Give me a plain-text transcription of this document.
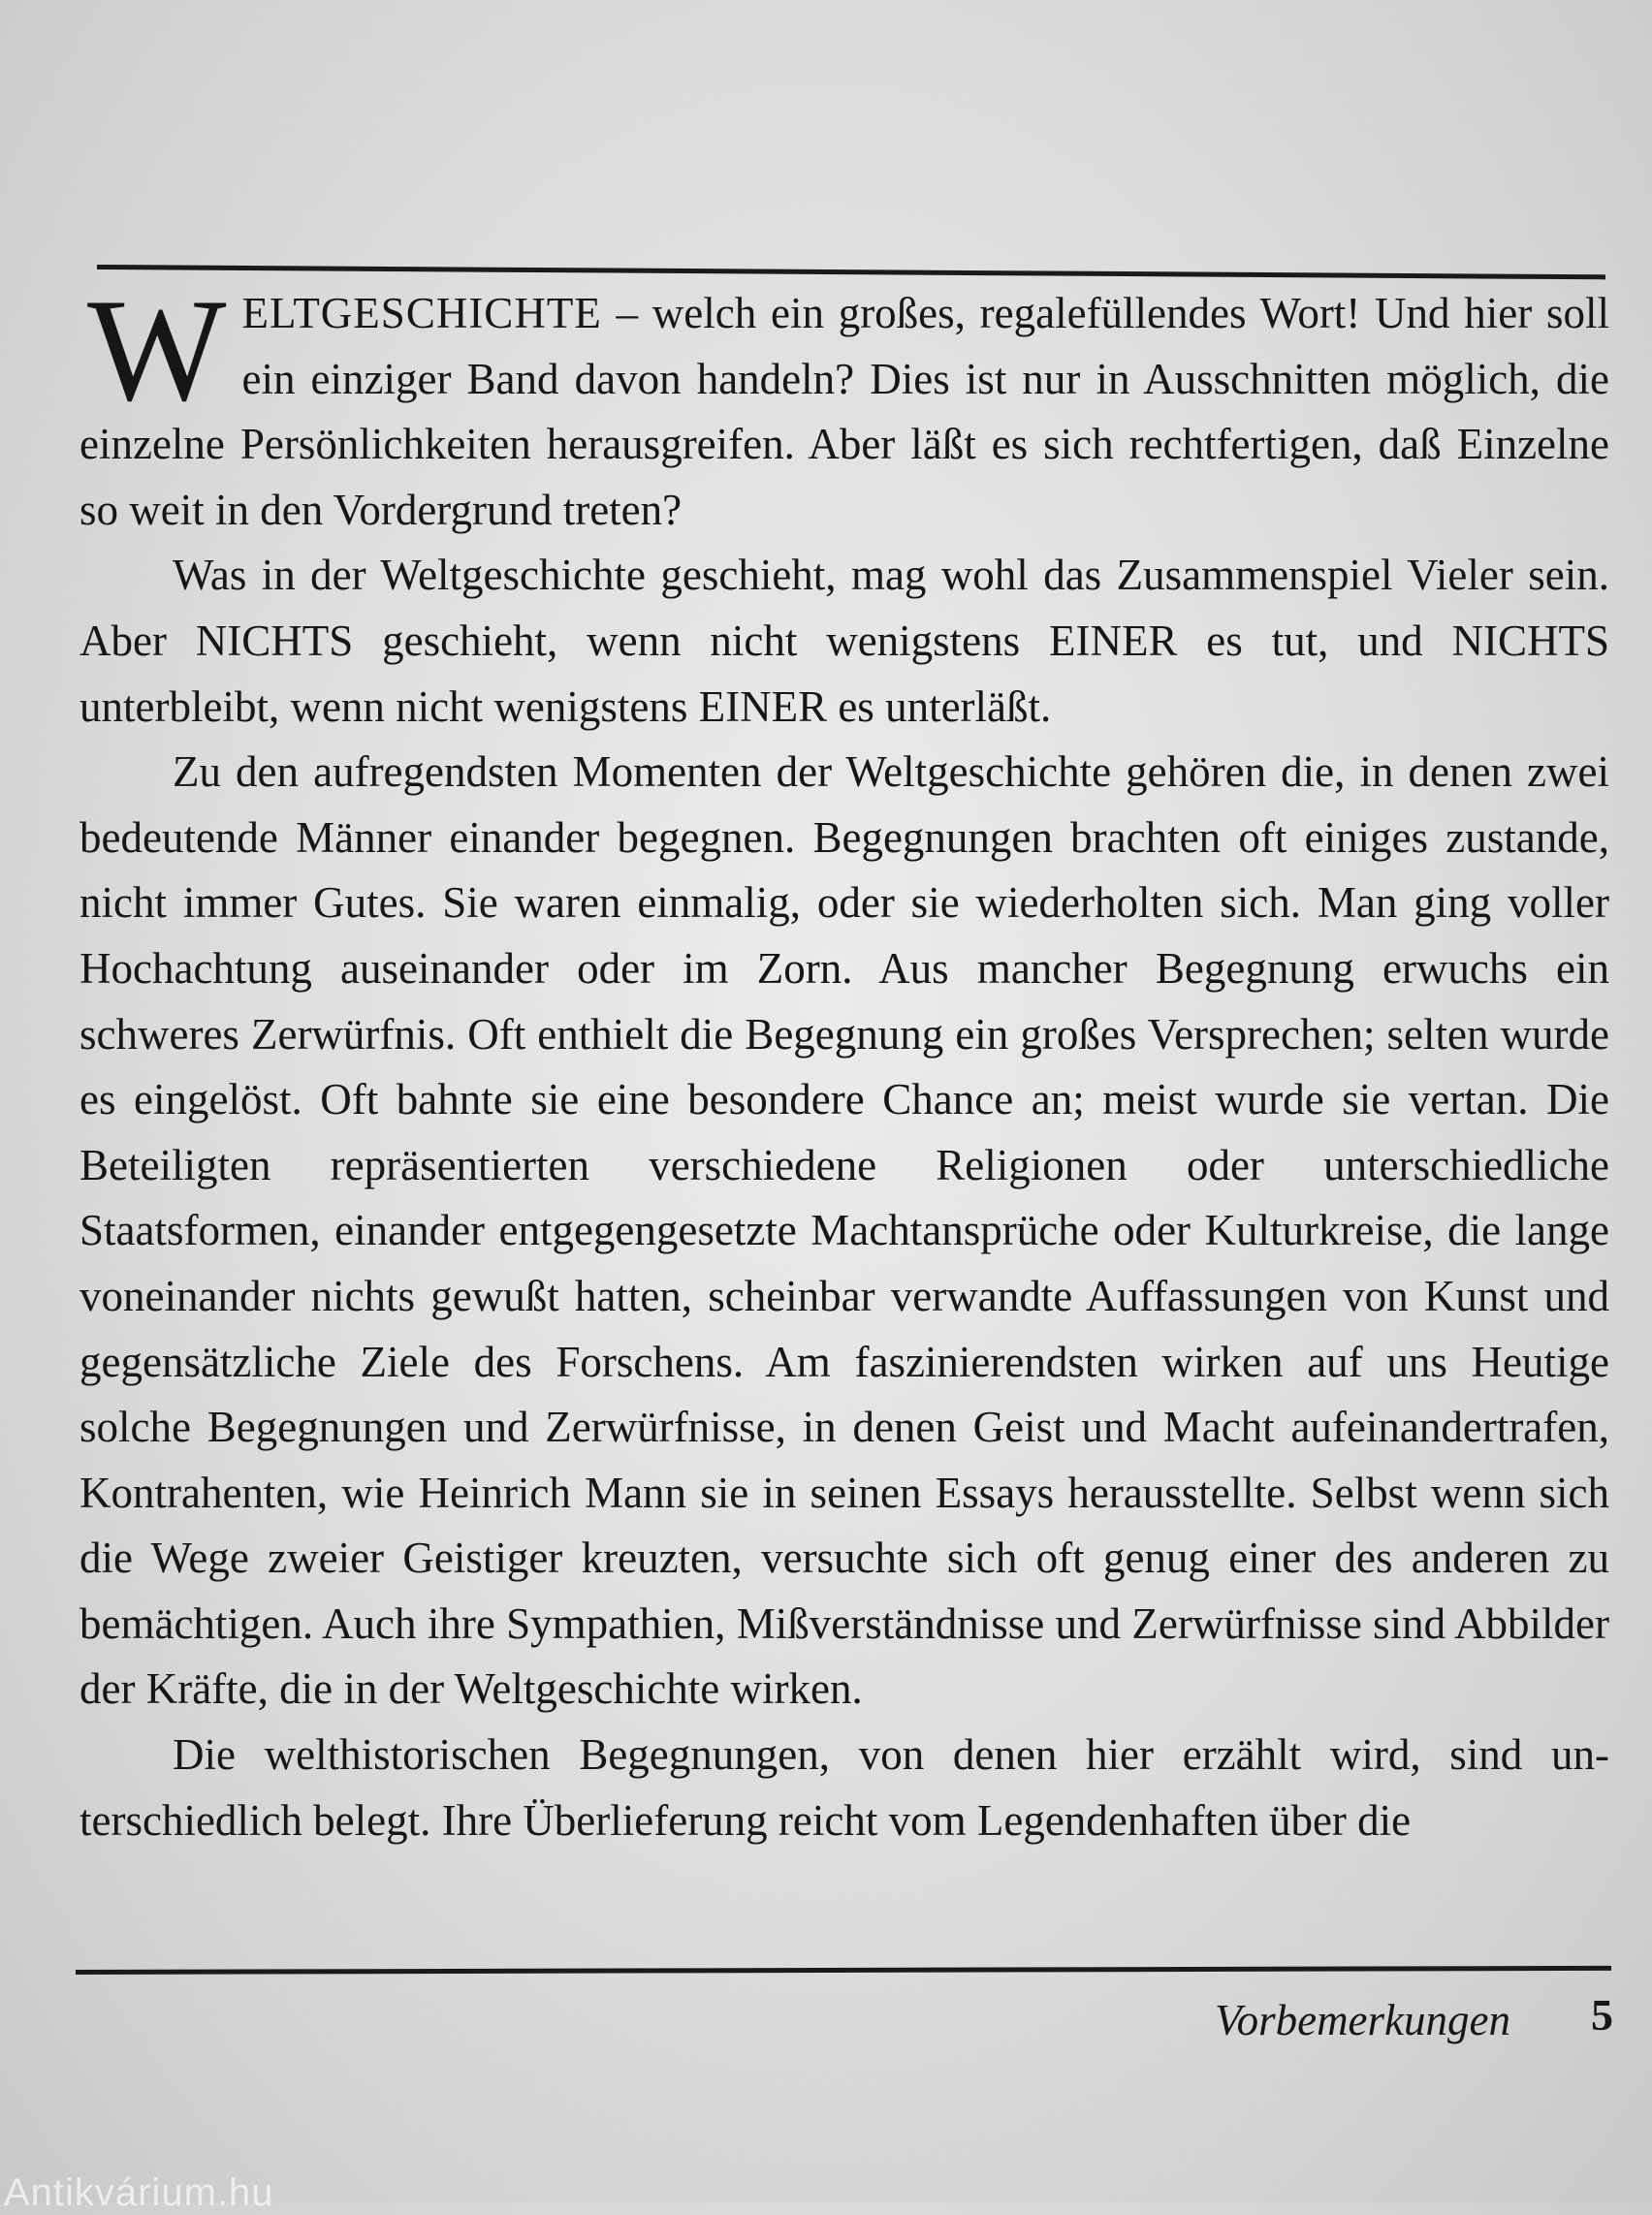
WELTGESCHICHTE – welch ein großes, regalefüllendes Wort! Und hier soll ein einziger Band davon handeln? Dies ist nur in Ausschnitten möglich, die einzelne Persönlichkeiten herausgreifen. Aber läßt es sich rechtfertigen, daß Einzelne so weit in den Vordergrund treten?

Was in der Weltgeschichte geschieht, mag wohl das Zusammenspiel Vieler sein. Aber NICHTS geschieht, wenn nicht wenigstens EINER es tut, und NICHTS unterbleibt, wenn nicht wenigstens EINER es unterläßt.

Zu den aufregendsten Momenten der Weltgeschichte gehören die, in denen zwei bedeutende Männer einander begegnen. Begegnungen brachten oft einiges zustande, nicht immer Gutes. Sie waren einmalig, oder sie wiederholten sich. Man ging voller Hochachtung auseinander oder im Zorn. Aus mancher Begegnung erwuchs ein schweres Zerwürfnis. Oft enthielt die Begegnung ein großes Versprechen; selten wurde es eingelöst. Oft bahnte sie eine besondere Chance an; meist wurde sie vertan. Die Beteiligten repräsentierten verschiedene Religionen oder unterschiedliche Staatsformen, einander entgegengesetzte Machtansprüche oder Kulturkreise, die lange voneinander nichts gewußt hatten, scheinbar verwandte Auffassungen von Kunst und gegensätzliche Ziele des Forschens. Am faszinierendsten wirken auf uns Heutige solche Begegnungen und Zerwürfnisse, in denen Geist und Macht aufeinandertrafen, Kontrahenten, wie Heinrich Mann sie in seinen Essays herausstellte. Selbst wenn sich die Wege zweier Geistiger kreuzten, versuchte sich oft genug einer des anderen zu bemächtigen. Auch ihre Sympathien, Mißverständnisse und Zerwürfnisse sind Abbilder der Kräfte, die in der Weltgeschichte wirken.

Die welthistorischen Begegnungen, von denen hier erzählt wird, sind unterschiedlich belegt. Ihre Überlieferung reicht vom Legendenhaften über die

Vorbemerkungen 5
Antikvárium.hu
